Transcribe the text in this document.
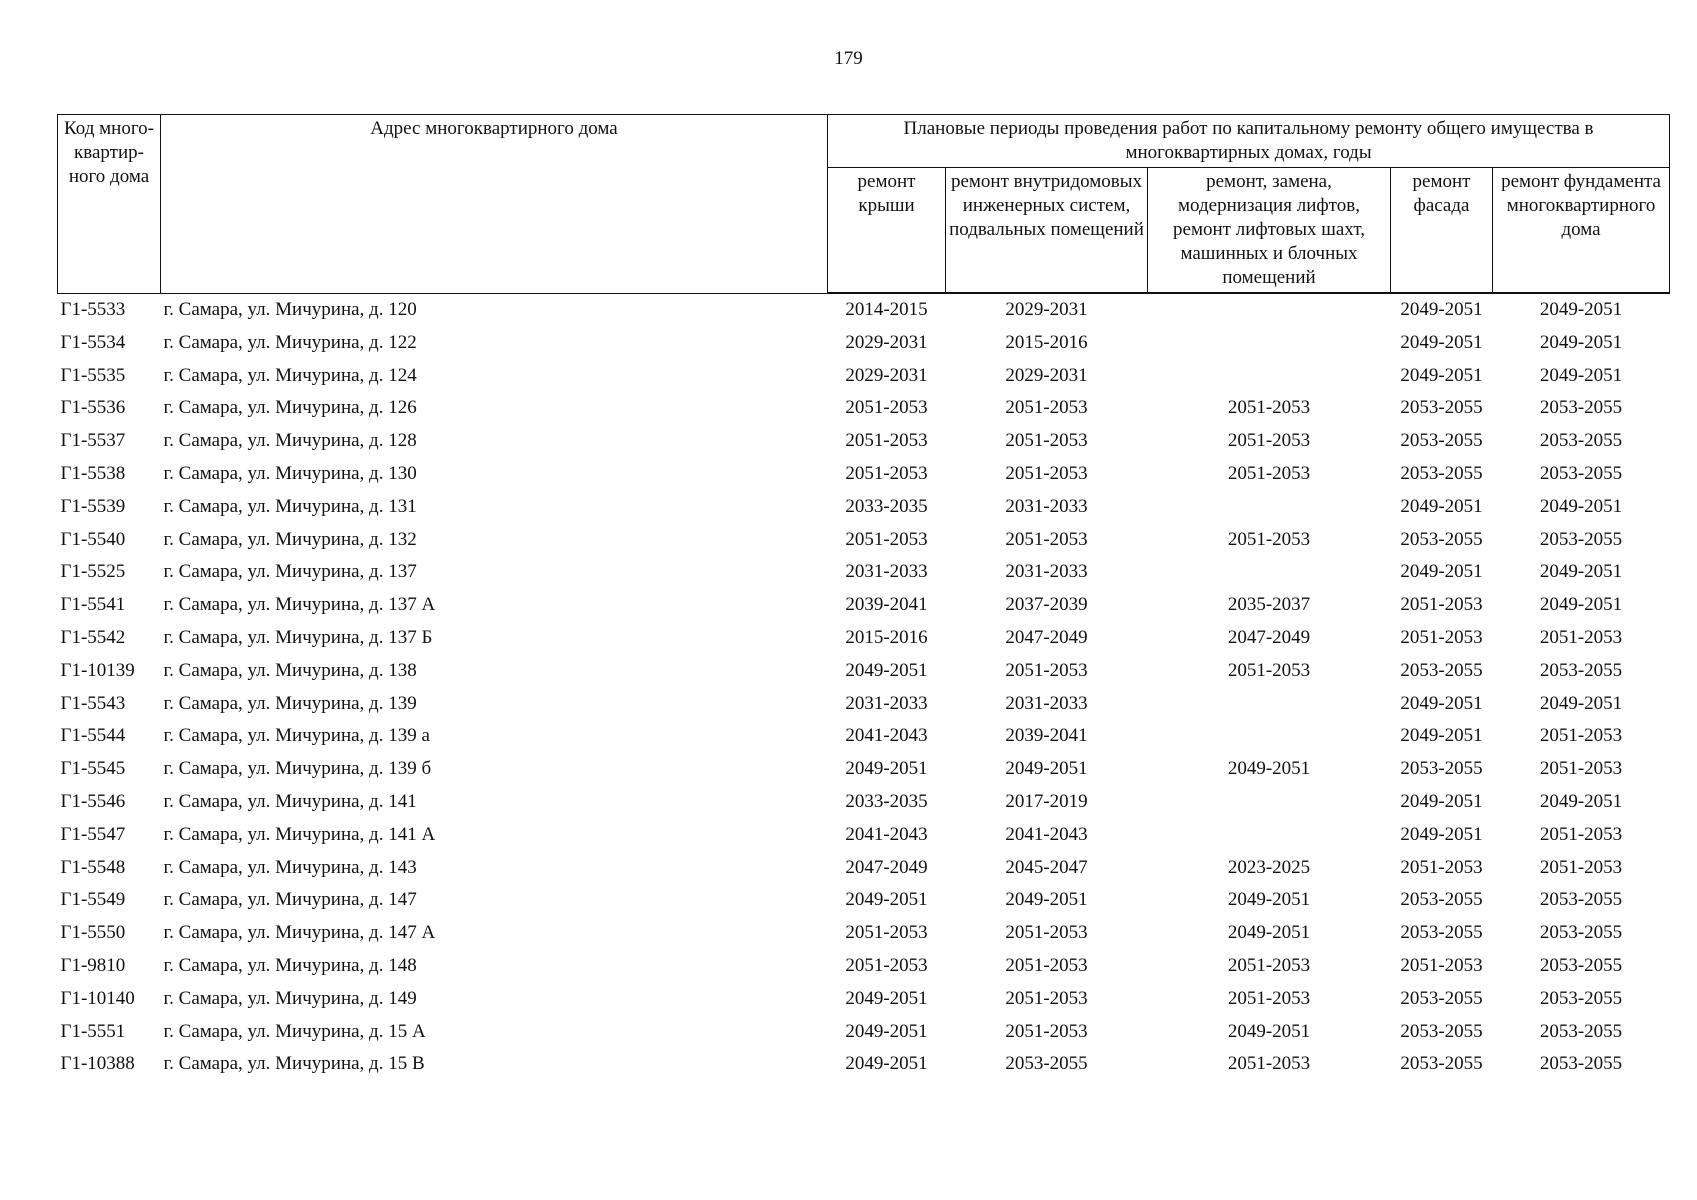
179
Код много-квартир-ного дома	Адрес многоквартирного дома	Плановые периоды проведения работ по капитальному ремонту общего имущества в многоквартирных домах, годы				
		ремонт крыши	ремонт внутридомовых инженерных систем, подвальных помещений	ремонт, замена, модернизация лифтов, ремонт лифтовых шахт, машинных и блочных помещений	ремонт фасада	ремонт фундамента многоквартирного дома
Г1-5533	г. Самара, ул. Мичурина, д. 120	2014-2015	2029-2031		2049-2051	2049-2051
Г1-5534	г. Самара, ул. Мичурина, д. 122	2029-2031	2015-2016		2049-2051	2049-2051
Г1-5535	г. Самара, ул. Мичурина, д. 124	2029-2031	2029-2031		2049-2051	2049-2051
Г1-5536	г. Самара, ул. Мичурина, д. 126	2051-2053	2051-2053	2051-2053	2053-2055	2053-2055
Г1-5537	г. Самара, ул. Мичурина, д. 128	2051-2053	2051-2053	2051-2053	2053-2055	2053-2055
Г1-5538	г. Самара, ул. Мичурина, д. 130	2051-2053	2051-2053	2051-2053	2053-2055	2053-2055
Г1-5539	г. Самара, ул. Мичурина, д. 131	2033-2035	2031-2033		2049-2051	2049-2051
Г1-5540	г. Самара, ул. Мичурина, д. 132	2051-2053	2051-2053	2051-2053	2053-2055	2053-2055
Г1-5525	г. Самара, ул. Мичурина, д. 137	2031-2033	2031-2033		2049-2051	2049-2051
Г1-5541	г. Самара, ул. Мичурина, д. 137 А	2039-2041	2037-2039	2035-2037	2051-2053	2049-2051
Г1-5542	г. Самара, ул. Мичурина, д. 137 Б	2015-2016	2047-2049	2047-2049	2051-2053	2051-2053
Г1-10139	г. Самара, ул. Мичурина, д. 138	2049-2051	2051-2053	2051-2053	2053-2055	2053-2055
Г1-5543	г. Самара, ул. Мичурина, д. 139	2031-2033	2031-2033		2049-2051	2049-2051
Г1-5544	г. Самара, ул. Мичурина, д. 139 а	2041-2043	2039-2041		2049-2051	2051-2053
Г1-5545	г. Самара, ул. Мичурина, д. 139 б	2049-2051	2049-2051	2049-2051	2053-2055	2051-2053
Г1-5546	г. Самара, ул. Мичурина, д. 141	2033-2035	2017-2019		2049-2051	2049-2051
Г1-5547	г. Самара, ул. Мичурина, д. 141 А	2041-2043	2041-2043		2049-2051	2051-2053
Г1-5548	г. Самара, ул. Мичурина, д. 143	2047-2049	2045-2047	2023-2025	2051-2053	2051-2053
Г1-5549	г. Самара, ул. Мичурина, д. 147	2049-2051	2049-2051	2049-2051	2053-2055	2053-2055
Г1-5550	г. Самара, ул. Мичурина, д. 147 А	2051-2053	2051-2053	2049-2051	2053-2055	2053-2055
Г1-9810	г. Самара, ул. Мичурина, д. 148	2051-2053	2051-2053	2051-2053	2051-2053	2053-2055
Г1-10140	г. Самара, ул. Мичурина, д. 149	2049-2051	2051-2053	2051-2053	2053-2055	2053-2055
Г1-5551	г. Самара, ул. Мичурина, д. 15 А	2049-2051	2051-2053	2049-2051	2053-2055	2053-2055
Г1-10388	г. Самара, ул. Мичурина, д. 15 В	2049-2051	2053-2055	2051-2053	2053-2055	2053-2055
